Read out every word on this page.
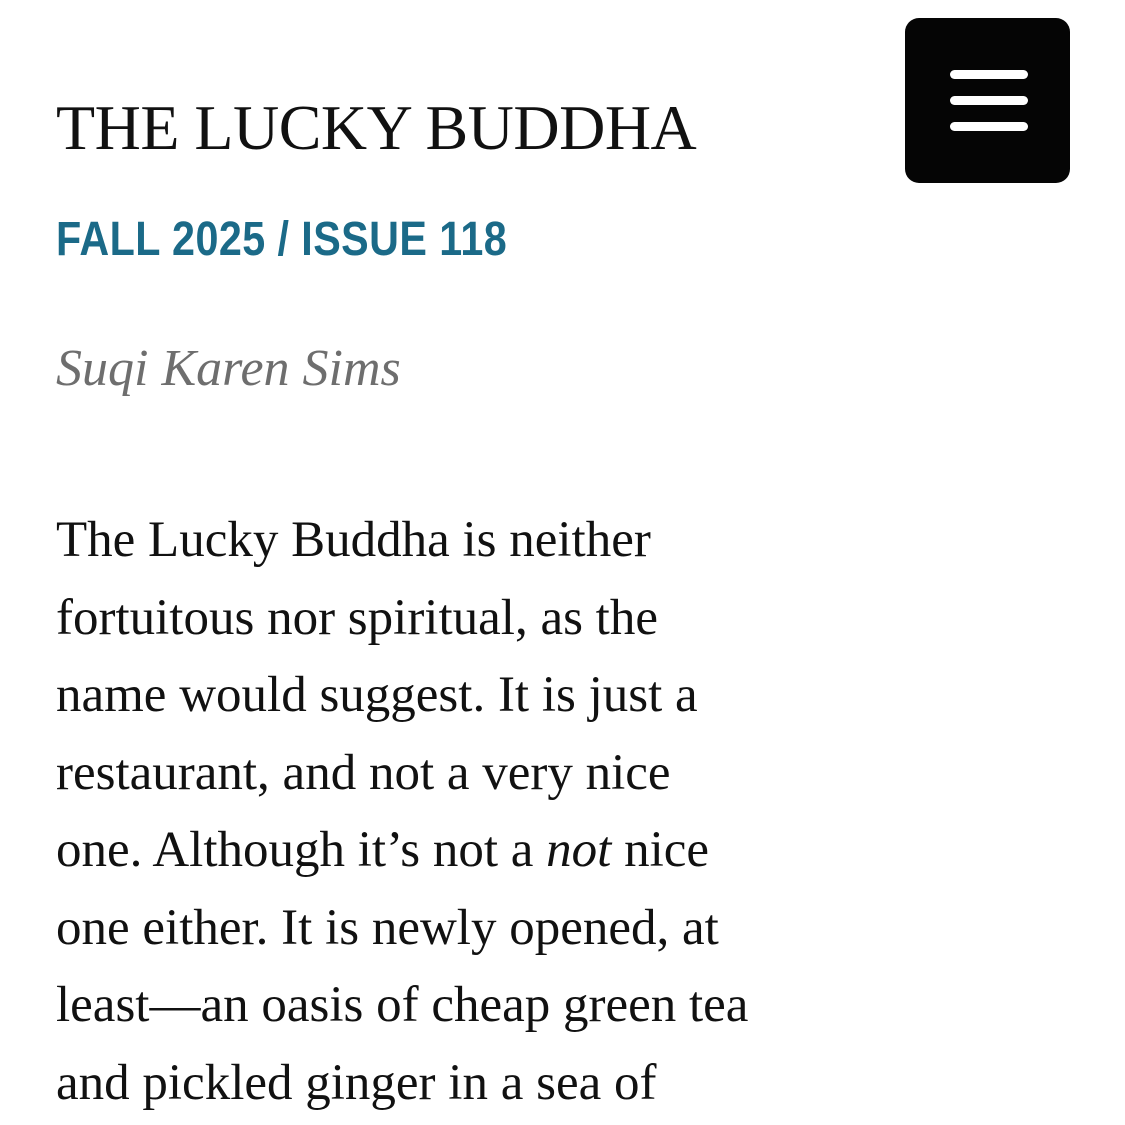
THE LUCKY BUDDHA
FALL 2025 / ISSUE 118
Suqi Karen Sims
The Lucky Buddha is neither
fortuitous nor spiritual, as the
name would suggest. It is just a
restaurant, and not a very nice
one. Although it’s not a not nice
one either. It is newly opened, at
least—an oasis of cheap green tea
and pickled ginger in a sea of
